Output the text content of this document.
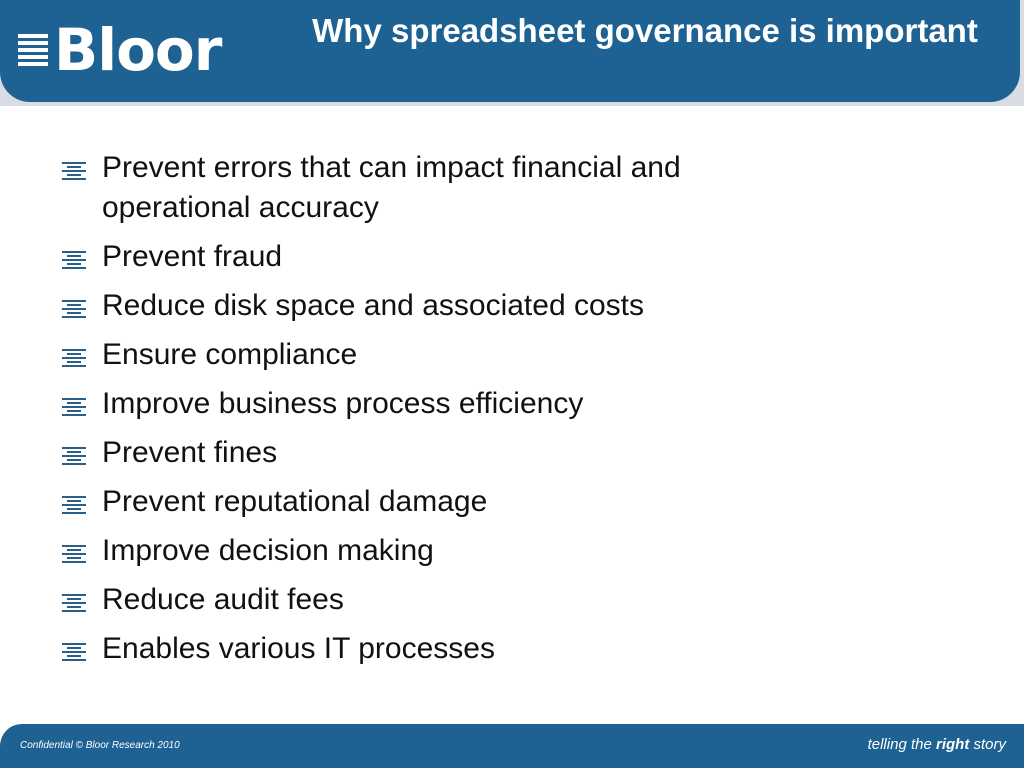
Bloor	Why spreadsheet governance is important
Prevent errors that can impact financial and operational accuracy
Prevent fraud
Reduce disk space and associated costs
Ensure compliance
Improve business process efficiency
Prevent fines
Prevent reputational damage
Improve decision making
Reduce audit fees
Enables various IT processes
Confidential © Bloor Research 2010	telling the right story
